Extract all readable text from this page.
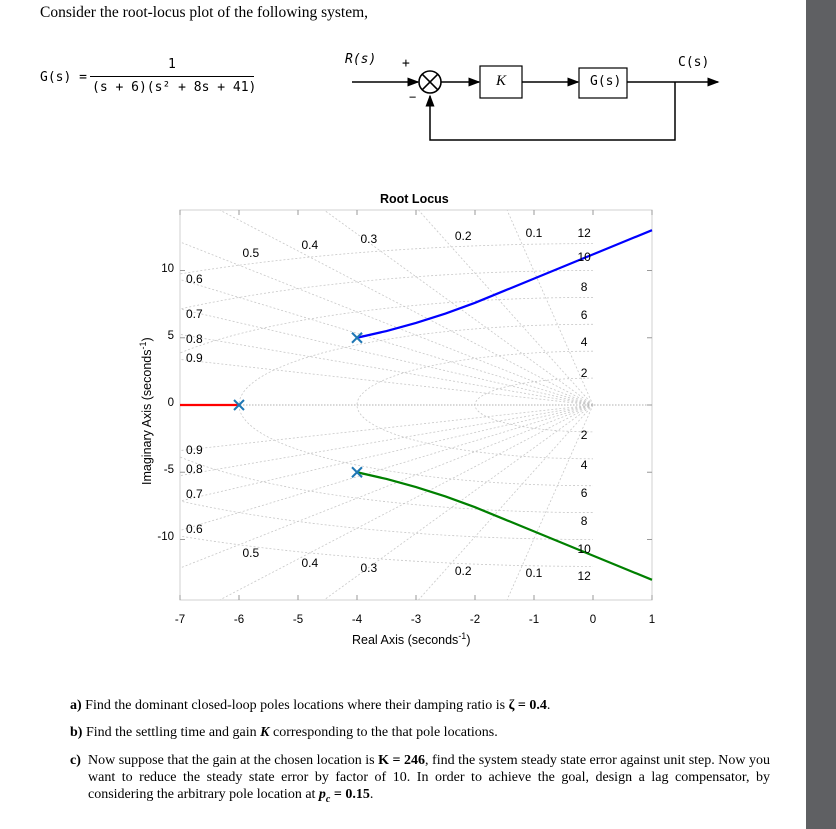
Consider the root-locus plot of the following system,
G(s) =
1
(s + 6)(s² + 8s + 41)
R(s) +
−
K	G(s)
C(s)
Root Locus
Real Axis (seconds$^{-1}$)
Imaginary Axis (seconds$^{-1}$)
-7	-6	-5	-4	-3	-2	-1	0	1
10
5
0
-5
-10
0.5
0.4	0.3	0.2	0.1
0.5
0.4	0.3	0.2	0.1
0.6
0.7
0.8
0.9
0.9
0.8
0.7
0.6
12
10
8
6
4
2
2
4
6
8
10
12
a) Find the dominant closed-loop poles locations where their damping ratio is ζ = 0.4.
b) Find the settling time and gain K corresponding to the that pole locations.
c) Now suppose that the gain at the chosen location is K = 246, find the system steady state error against unit step. Now you want to reduce the steady state error by factor of 10. In order to achieve the goal, design a lag compensator, by considering the arbitrary pole location at $p_c = 0.15$.
